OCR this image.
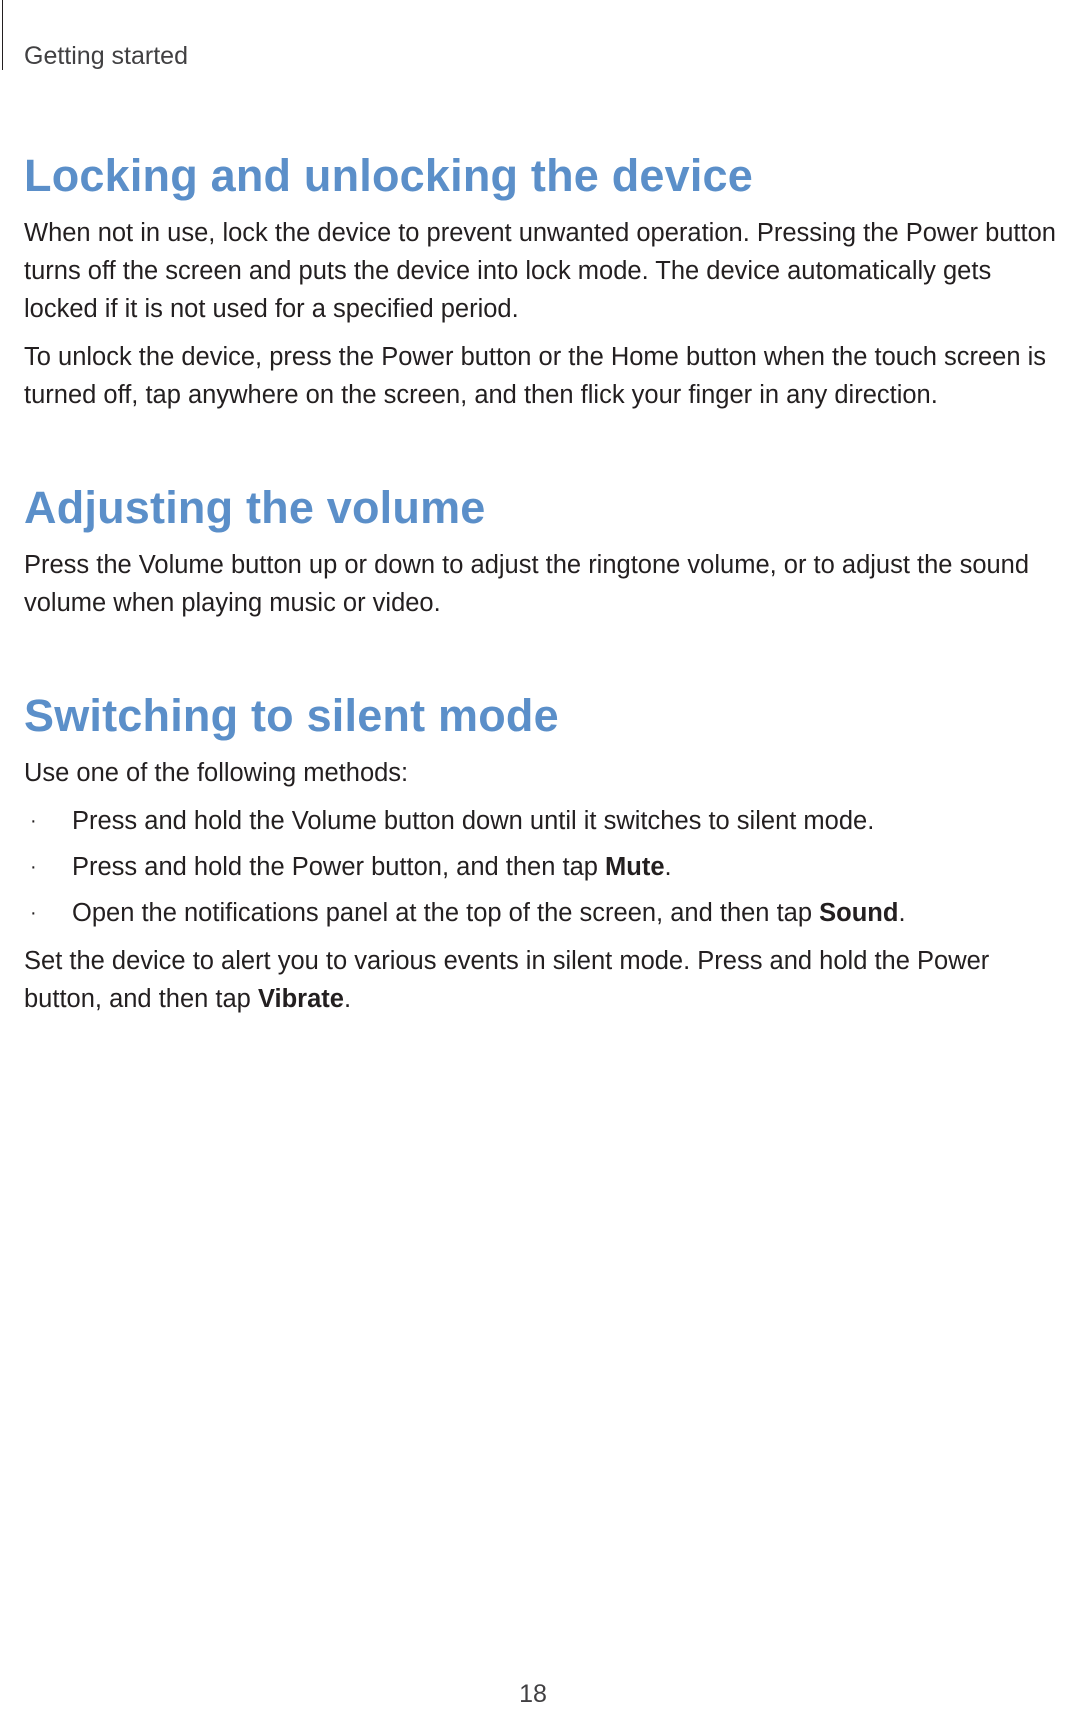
Getting started
Locking and unlocking the device

When not in use, lock the device to prevent unwanted operation. Pressing the Power button turns off the screen and puts the device into lock mode. The device automatically gets locked if it is not used for a specified period.

To unlock the device, press the Power button or the Home button when the touch screen is turned off, tap anywhere on the screen, and then flick your finger in any direction.

Adjusting the volume

Press the Volume button up or down to adjust the ringtone volume, or to adjust the sound volume when playing music or video.

Switching to silent mode

Use one of the following methods:

· Press and hold the Volume button down until it switches to silent mode.
· Press and hold the Power button, and then tap Mute.
· Open the notifications panel at the top of the screen, and then tap Sound.

Set the device to alert you to various events in silent mode. Press and hold the Power button, and then tap Vibrate.

18
